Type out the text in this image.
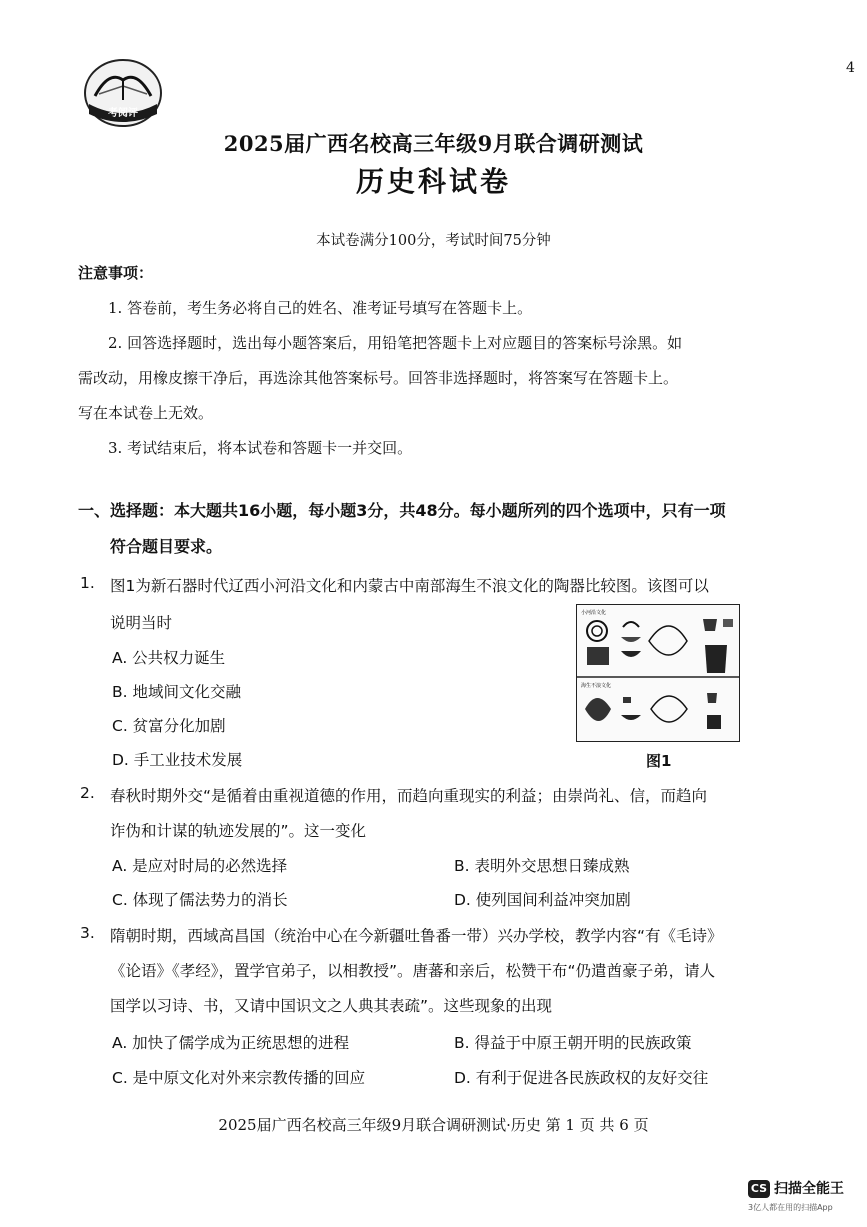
4
考阅评
2025届广西名校高三年级9月联合调研测试
历史科试卷
本试卷满分100分，考试时间75分钟
注意事项：
1. 答卷前，考生务必将自己的姓名、准考证号填写在答题卡上。
2. 回答选择题时，选出每小题答案后，用铅笔把答题卡上对应题目的答案标号涂黑。如
需改动，用橡皮擦干净后，再选涂其他答案标号。回答非选择题时，将答案写在答题卡上。
写在本试卷上无效。
3. 考试结束后，将本试卷和答题卡一并交回。
一、选择题：本大题共16小题，每小题3分，共48分。每小题所列的四个选项中，只有一项
符合题目要求。
1. 图1为新石器时代辽西小河沿文化和内蒙古中南部海生不浪文化的陶器比较图。该图可以
说明当时
A. 公共权力诞生
B. 地域间文化交融
C. 贫富分化加剧
D. 手工业技术发展
小河沿文化
海生不浪文化
图1
2. 春秋时期外交“是循着由重视道德的作用，而趋向重现实的利益；由崇尚礼、信，而趋向
诈伪和计谋的轨迹发展的”。这一变化
A. 是应对时局的必然选择	B. 表明外交思想日臻成熟
C. 体现了儒法势力的消长	D. 使列国间利益冲突加剧
3. 隋朝时期，西域高昌国（统治中心在今新疆吐鲁番一带）兴办学校，教学内容“有《毛诗》
《论语》《孝经》，置学官弟子，以相教授”。唐蕃和亲后，松赞干布“仍遣酋豪子弟，请人
国学以习诗、书，又请中国识文之人典其表疏”。这些现象的出现
A. 加快了儒学成为正统思想的进程	B. 得益于中原王朝开明的民族政策
C. 是中原文化对外来宗教传播的回应	D. 有利于促进各民族政权的友好交往
2025届广西名校高三年级9月联合调研测试·历史 第 1 页 共 6 页
CS 扫描全能王
3亿人都在用的扫描App
